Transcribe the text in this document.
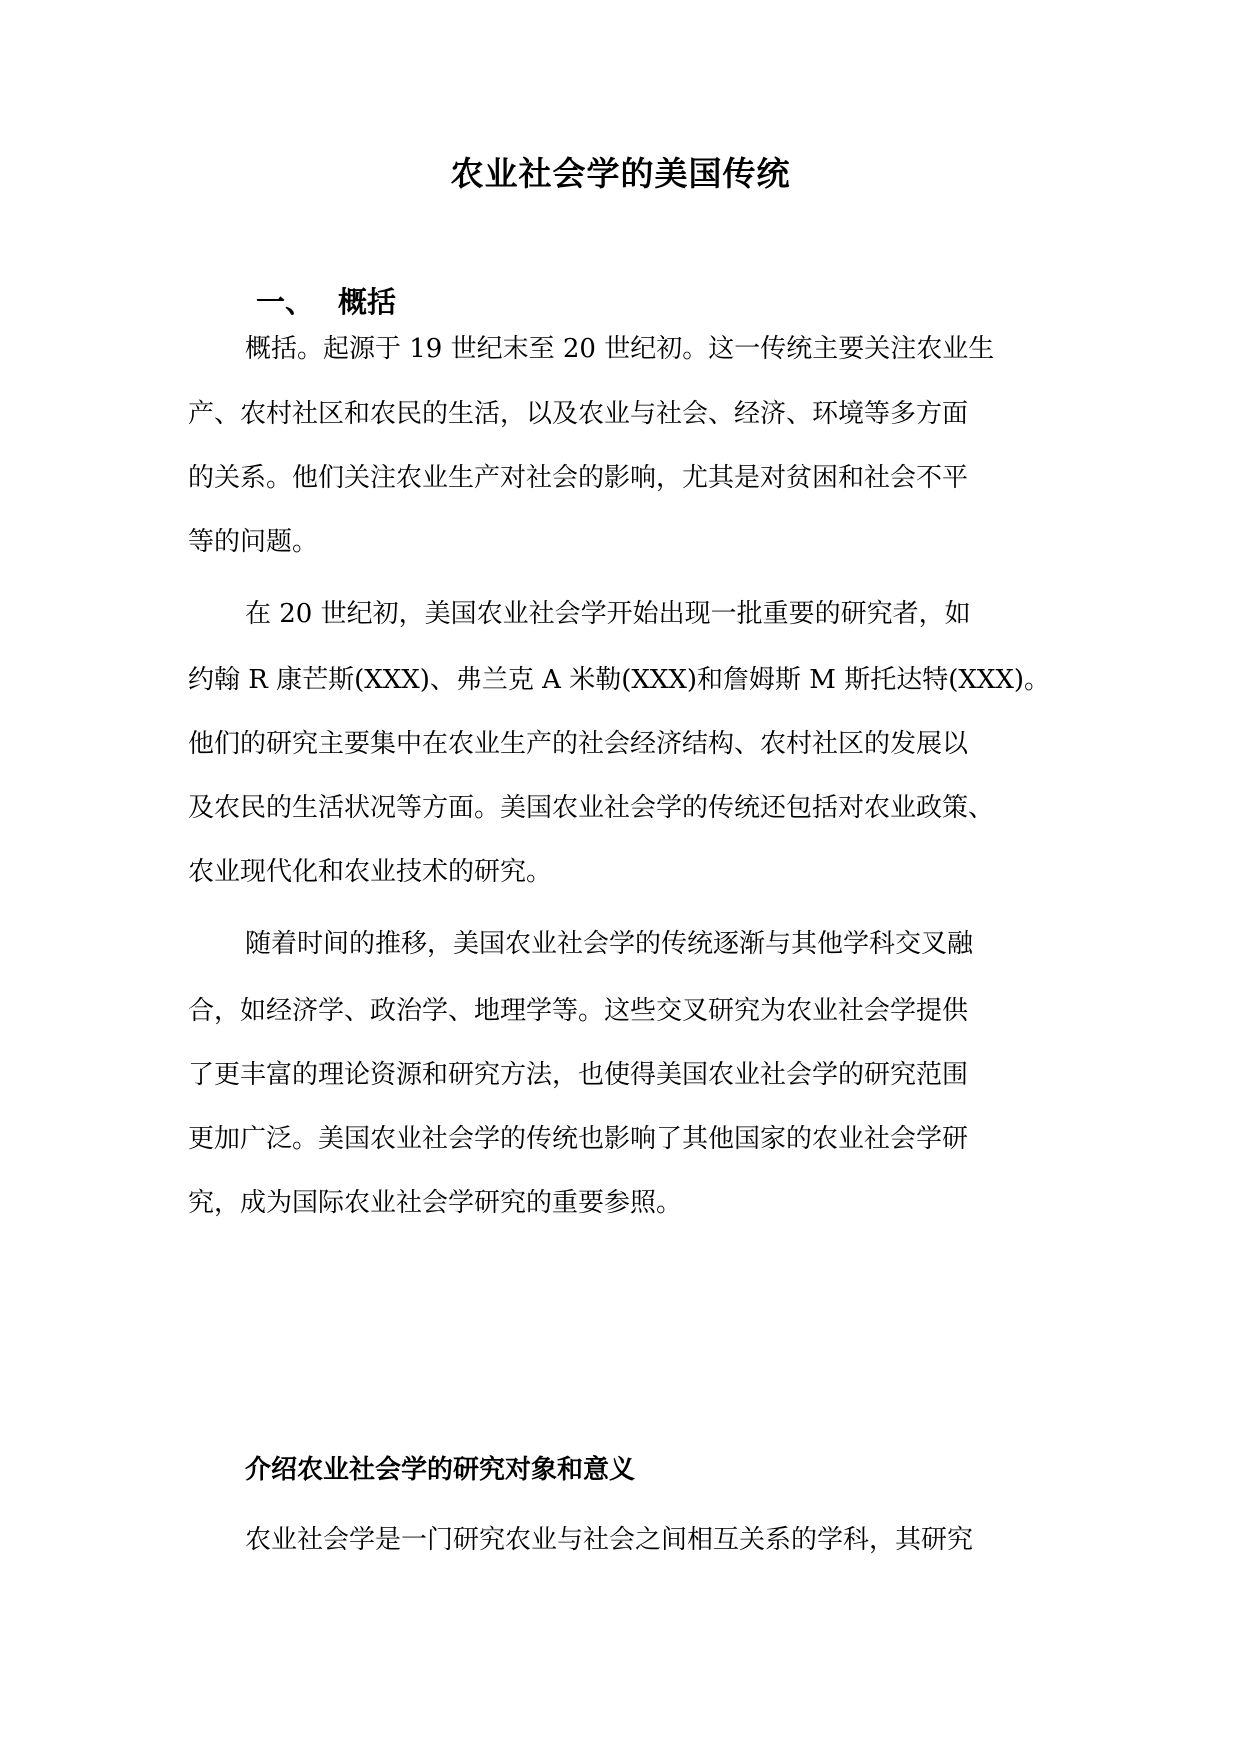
农业社会学的美国传统
一、 概括
概括。起源于 19 世纪末至 20 世纪初。这一传统主要关注农业生
产、农村社区和农民的生活，以及农业与社会、经济、环境等多方面
的关系。他们关注农业生产对社会的影响，尤其是对贫困和社会不平
等的问题。
在 20 世纪初，美国农业社会学开始出现一批重要的研究者，如
约翰 R 康芒斯(XXX)、弗兰克 A 米勒(XXX)和詹姆斯 M 斯托达特(XXX)。
他们的研究主要集中在农业生产的社会经济结构、农村社区的发展以
及农民的生活状况等方面。美国农业社会学的传统还包括对农业政策、
农业现代化和农业技术的研究。
随着时间的推移，美国农业社会学的传统逐渐与其他学科交叉融
合，如经济学、政治学、地理学等。这些交叉研究为农业社会学提供
了更丰富的理论资源和研究方法，也使得美国农业社会学的研究范围
更加广泛。美国农业社会学的传统也影响了其他国家的农业社会学研
究，成为国际农业社会学研究的重要参照。
介绍农业社会学的研究对象和意义
农业社会学是一门研究农业与社会之间相互关系的学科，其研究
